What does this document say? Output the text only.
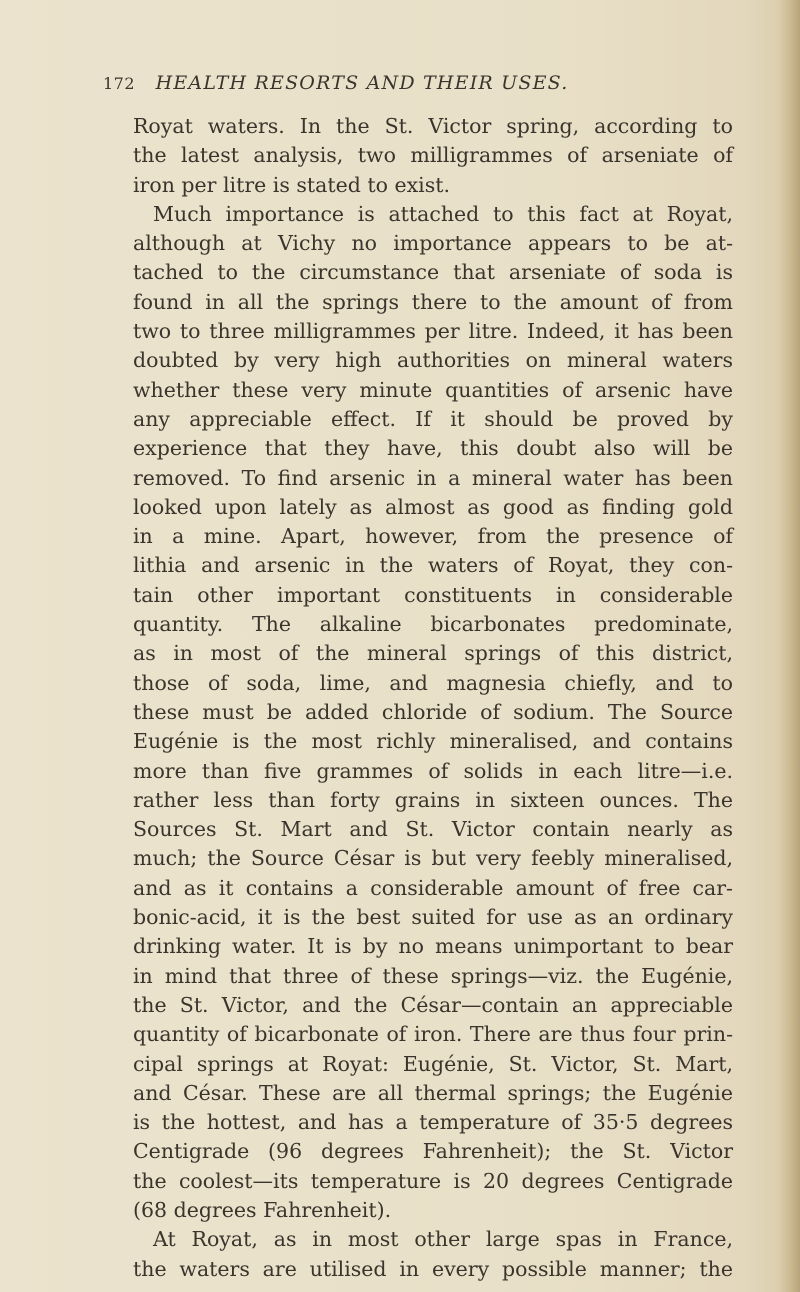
172 HEALTH RESORTS AND THEIR USES.
Royat waters. In the St. Victor spring, according to
the latest analysis, two milligrammes of arseniate of
iron per litre is stated to exist.
Much importance is attached to this fact at Royat,
although at Vichy no importance appears to be at-
tached to the circumstance that arseniate of soda is
found in all the springs there to the amount of from
two to three milligrammes per litre. Indeed, it has been
doubted by very high authorities on mineral waters
whether these very minute quantities of arsenic have
any appreciable effect. If it should be proved by
experience that they have, this doubt also will be
removed. To find arsenic in a mineral water has been
looked upon lately as almost as good as finding gold
in a mine. Apart, however, from the presence of
lithia and arsenic in the waters of Royat, they con-
tain other important constituents in considerable
quantity. The alkaline bicarbonates predominate,
as in most of the mineral springs of this district,
those of soda, lime, and magnesia chiefly, and to
these must be added chloride of sodium. The Source
Eugénie is the most richly mineralised, and contains
more than five grammes of solids in each litre—i.e.
rather less than forty grains in sixteen ounces. The
Sources St. Mart and St. Victor contain nearly as
much; the Source César is but very feebly mineralised,
and as it contains a considerable amount of free car-
bonic-acid, it is the best suited for use as an ordinary
drinking water. It is by no means unimportant to bear
in mind that three of these springs—viz. the Eugénie,
the St. Victor, and the César—contain an appreciable
quantity of bicarbonate of iron. There are thus four prin-
cipal springs at Royat: Eugénie, St. Victor, St. Mart,
and César. These are all thermal springs; the Eugénie
is the hottest, and has a temperature of 35·5 degrees
Centigrade (96 degrees Fahrenheit); the St. Victor
the coolest—its temperature is 20 degrees Centigrade
(68 degrees Fahrenheit).
At Royat, as in most other large spas in France,
the waters are utilised in every possible manner; the
